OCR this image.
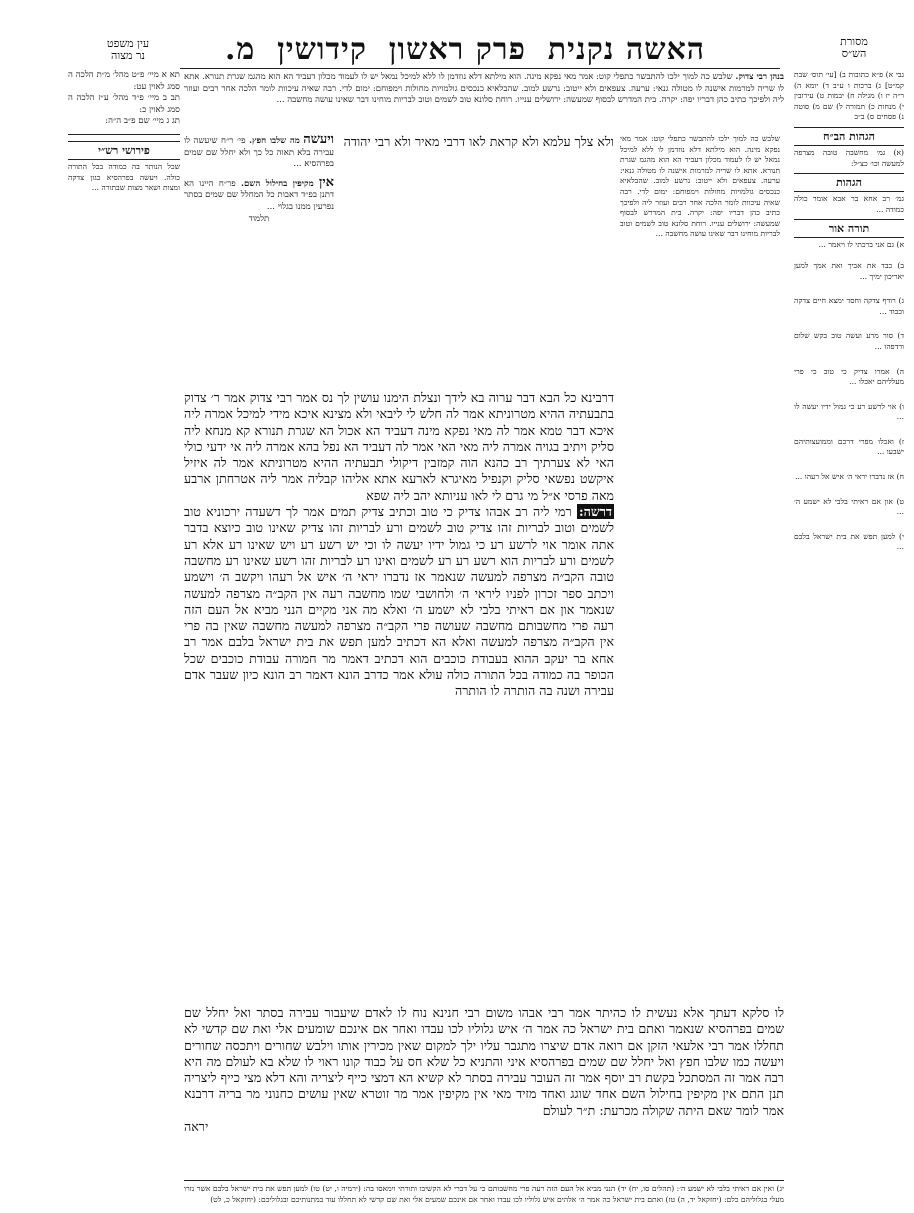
עין משפט
נר מצוה
מסורת
הש״ס
האשה נקנית
פרק ראשון
קידושין
מ.
תא א מיי׳ פ״ט מהל׳ מ״ת הלכה ה סמג לאוין עט:
תב ב מיי׳ פ״ד מהל׳ ע״ז הלכה ה סמג לאוין כ:
תג ג מיי׳ שם פ״ב ה״ה:
פירושי רש״י
שכל הנותר בה כמודה בכל התורה כולה. ויעשה בפרהסיא כגון צדקה ומצות ושאר מצות שבתורה ...
גבי א) פ״א כתובות ב) [עי׳ תוס׳ שבת קמ״ט] ג) ברכות ו ע״ב ד) יומא ה) ר״ה יז ו) מגילה ח) יבמות ט) עירובין י) מנחות כ) תמורה ל) שם מ) סוטה נ) פסחים ס) ב״ב
הגהות הב״ח
(א) גמ׳ מחשבה טובה מצרפה למעשה וכו׳ כצ״ל:
הגהות
גמ׳ רב אחא בר אבא אומר כולה כמודה ...
תורה אור
א) גם אני ברכתי לו ויאמר ...
ב) כבד את אביך ואת אמך למען יאריכון ימיך ...
ג) רודף צדקה וחסד ימצא חיים צדקה וכבוד ...
ד) סור מרע ועשה טוב בקש שלום ורדפהו ...
ה) אמרו צדיק כי טוב כי פרי מעלליהם יאכלו ...
ו) אוי לרשע רע כי גמול ידיו יעשה לו ...
ז) ואכלו מפרי דרכם וממועצותיהם ישבעו ...
ח) אז נדברו יראי ה׳ איש אל רעהו ...
ט) און אם ראיתי בלבי לא ישמע ה׳ ...
י) למען תפש את בית ישראל בלבם ...
בנהן רבי צדוק. שלבש כה למוך ילכו להתבשר כתפלי קוט: אמר מאי נפקא מינה. הוא מילתא דלא נוזדמן לו ללא למיכל נמאל יש לו לעמוד מכלון דעביד הא הוא מהגמ שגרת תנורא. אתא לו שריה למרמות אישנה לו מטולה גנאי: ערעה. צעפאים ולא ייטוב: נרשע למוב. שהבלאיא כנכסים גולמויות מחולות וימפוחם: ימום לדי. רבה שאיה עיכוות לומר הלכה אחר רבים ועוזר ליה ולפיכך כתיב כהן דבריו יפה: יקרה. בית המדרש לבסוף שמעשה: ירושלים ענייו. רוחת סלונא טוב לשמים וטוב לבריות מוחינו דבר שאינו עושה מחשבה ...
ויעשה מה שלבו חפץ. פי׳ ר״ח שיעשה לו עבירה בלא תאוה כל כך ולא יחלל שם שמים בפרהסיא ...
אין מקיפין בחילול השם. פר״ח היינו הא דתנן בפ״ד דאבות כל המחלל שם שמים בסתר נפרעין ממנו בגלוי ...
תלמוד
שלבש כה למוך ילכו להתבשר כתפלי קוט: אמר מאי נפקא מינה. הוא מילתא דלא נוזדמן לו ללא למיכל נמאל יש לו לעמוד מכלון דעביד הא הוא מהגמ שגרת תנורא. אתא לו שריה למרמות אישנה לו מטולה גנאי: ערעה. צעפאים ולא ייטוב: נרשע למוב. שהבלאיא כנכסים גולמויות מחולות וימפוחם: ימום לדי. רבה שאיה עיכוות לומר הלכה אחר רבים ועוזר ליה ולפיכך כתיב כהן דבריו יפה: יקרה. בית המדרש לבסוף שמעשה: ירושלים ענייו. רוחת סלונא טוב לשמים וטוב לבריות מוחינו דבר שאינו עושה מחשבה ...

ולא צלך עלמא ולא קראת לאו דרבי מאיר ולא רבי יהודה

דרבינא כל הבא דבר ערוה בא לידך ונצלת הימנו עושין לך נס אמר רבי צדוק אמר ר׳ צדוק בתבעתיה ההיא מטרוניתא אמר לה חלש לי ליבאי ולא מצינא איכא מידי למיכל אמרה ליה איכא דבר טמא אמר לה מאי נפקא מינה דעביד הא אכול הא שגרת תנורא קא מנחא ליה סליק ויתיב בגויה אמרה ליה מאי האי אמר לה דעביד הא נפל בהא אמרה ליה אי ידעי כולי האי לא צערתיך רב כהנא הוה קמזבין דיקולי תבעתיה ההיא מטרוניתא אמר לה איזיל איקשט נפשאי סליק וקנפיל מאיגרא לארעא אתא אליהו קבליה אמר ליה אטרחתן ארבע מאה פרסי א״ל מי גרם לי לאו עניותא יהב ליה שפא

דרשה: רמי ליה רב אבהו צדיק כי טוב וכתיב צדיק תמים אמר לך דשעדה ירכוניא טוב לשמים וטוב לבריות זהו צדיק טוב לשמים ורע לבריות זהו צדיק שאינו טוב כיוצא בדבר אתה אומר אוי לרשע רע כי גמול ידיו יעשה לו וכי יש רשע רע ויש שאינו רע אלא רע לשמים ורע לבריות הוא רשע רע רע לשמים ואינו רע לבריות זהו רשע שאינו רע מחשבה טובה הקב״ה מצרפה למעשה שנאמר אז נדברו יראי ה׳ איש אל רעהו ויקשב ה׳ וישמע ויכתב ספר זכרון לפניו ליראי ה׳ ולחושבי שמו מחשבה רעה אין הקב״ה מצרפה למעשה שנאמר און אם ראיתי בלבי לא ישמע ה׳ ואלא מה אני מקיים הנני מביא אל העם הזה רעה פרי מחשבותם מחשבה שעושה פרי הקב״ה מצרפה למעשה מחשבה שאין בה פרי אין הקב״ה מצרפה למעשה ואלא הא דכתיב למען תפש את בית ישראל בלבם אמר רב אחא בר יעקב ההוא בעבודת כוכבים הוא דכתיב דאמר מר חמורה עבודת כוכבים שכל הכופר בה כמודה בכל התורה כולה עולא אמר כדרב הונא דאמר רב הונא כיון שעבר אדם עבירה ושנה בה הותרה לו הותרה

לו סלקא דעתך אלא נעשית לו כהיתר אמר רבי אבהו משום רבי חנינא נוח לו לאדם שיעבור עבירה בסתר ואל יחלל שם שמים בפרהסיא שנאמר ואתם בית ישראל כה אמר ה׳ איש גלוליו לכו עבדו ואחר אם אינכם שומעים אלי ואת שם קדשי לא תחללו אמר רבי אלעאי הזקן אם רואה אדם שיצרו מתגבר עליו ילך למקום שאין מכירין אותו וילבש שחורים ויתכסה שחורים ויעשה כמו שלבו חפץ ואל יחלל שם שמים בפרהסיא איני והתניא כל שלא חס על כבוד קונו ראוי לו שלא בא לעולם מה היא רבה אמר זה המסתכל בקשת רב יוסף אמר זה העובר עבירה בסתר לא קשיא הא דמצי כייף ליצריה והא דלא מצי כייף ליצריה תנן התם אין מקיפין בחילול השם אחד שוגג ואחד מזיד מאי אין מקיפין אמר מר זוטרא שאין עושים כחנוני מר בריה דרבנא אמר לומר שאם היתה שקולה מכרעת: ת״ר לעולם

יראה

יג) ואין אם ראיתי בלבי לא ישמע ה׳: (תהלים סו, יח) יד) הנני מביא אל העם הזה רעה פרי מחשבותם כי על דברי לא הקשיבו ותורתי וימאסו בה: (ירמיה ו, יט) טו) למען תפש את בית ישראל בלבם אשר נזרו מעלי בגלוליהם כלם: (יחזקאל יד, ה) טז) ואתם בית ישראל כה אמר ה׳ אלהים איש גלוליו לכו עבדו ואחר אם אינכם שמעים אלי ואת שם קדשי לא תחללו עוד במתנותיכם ובגלוליכם: (יחזקאל כ, לט)
